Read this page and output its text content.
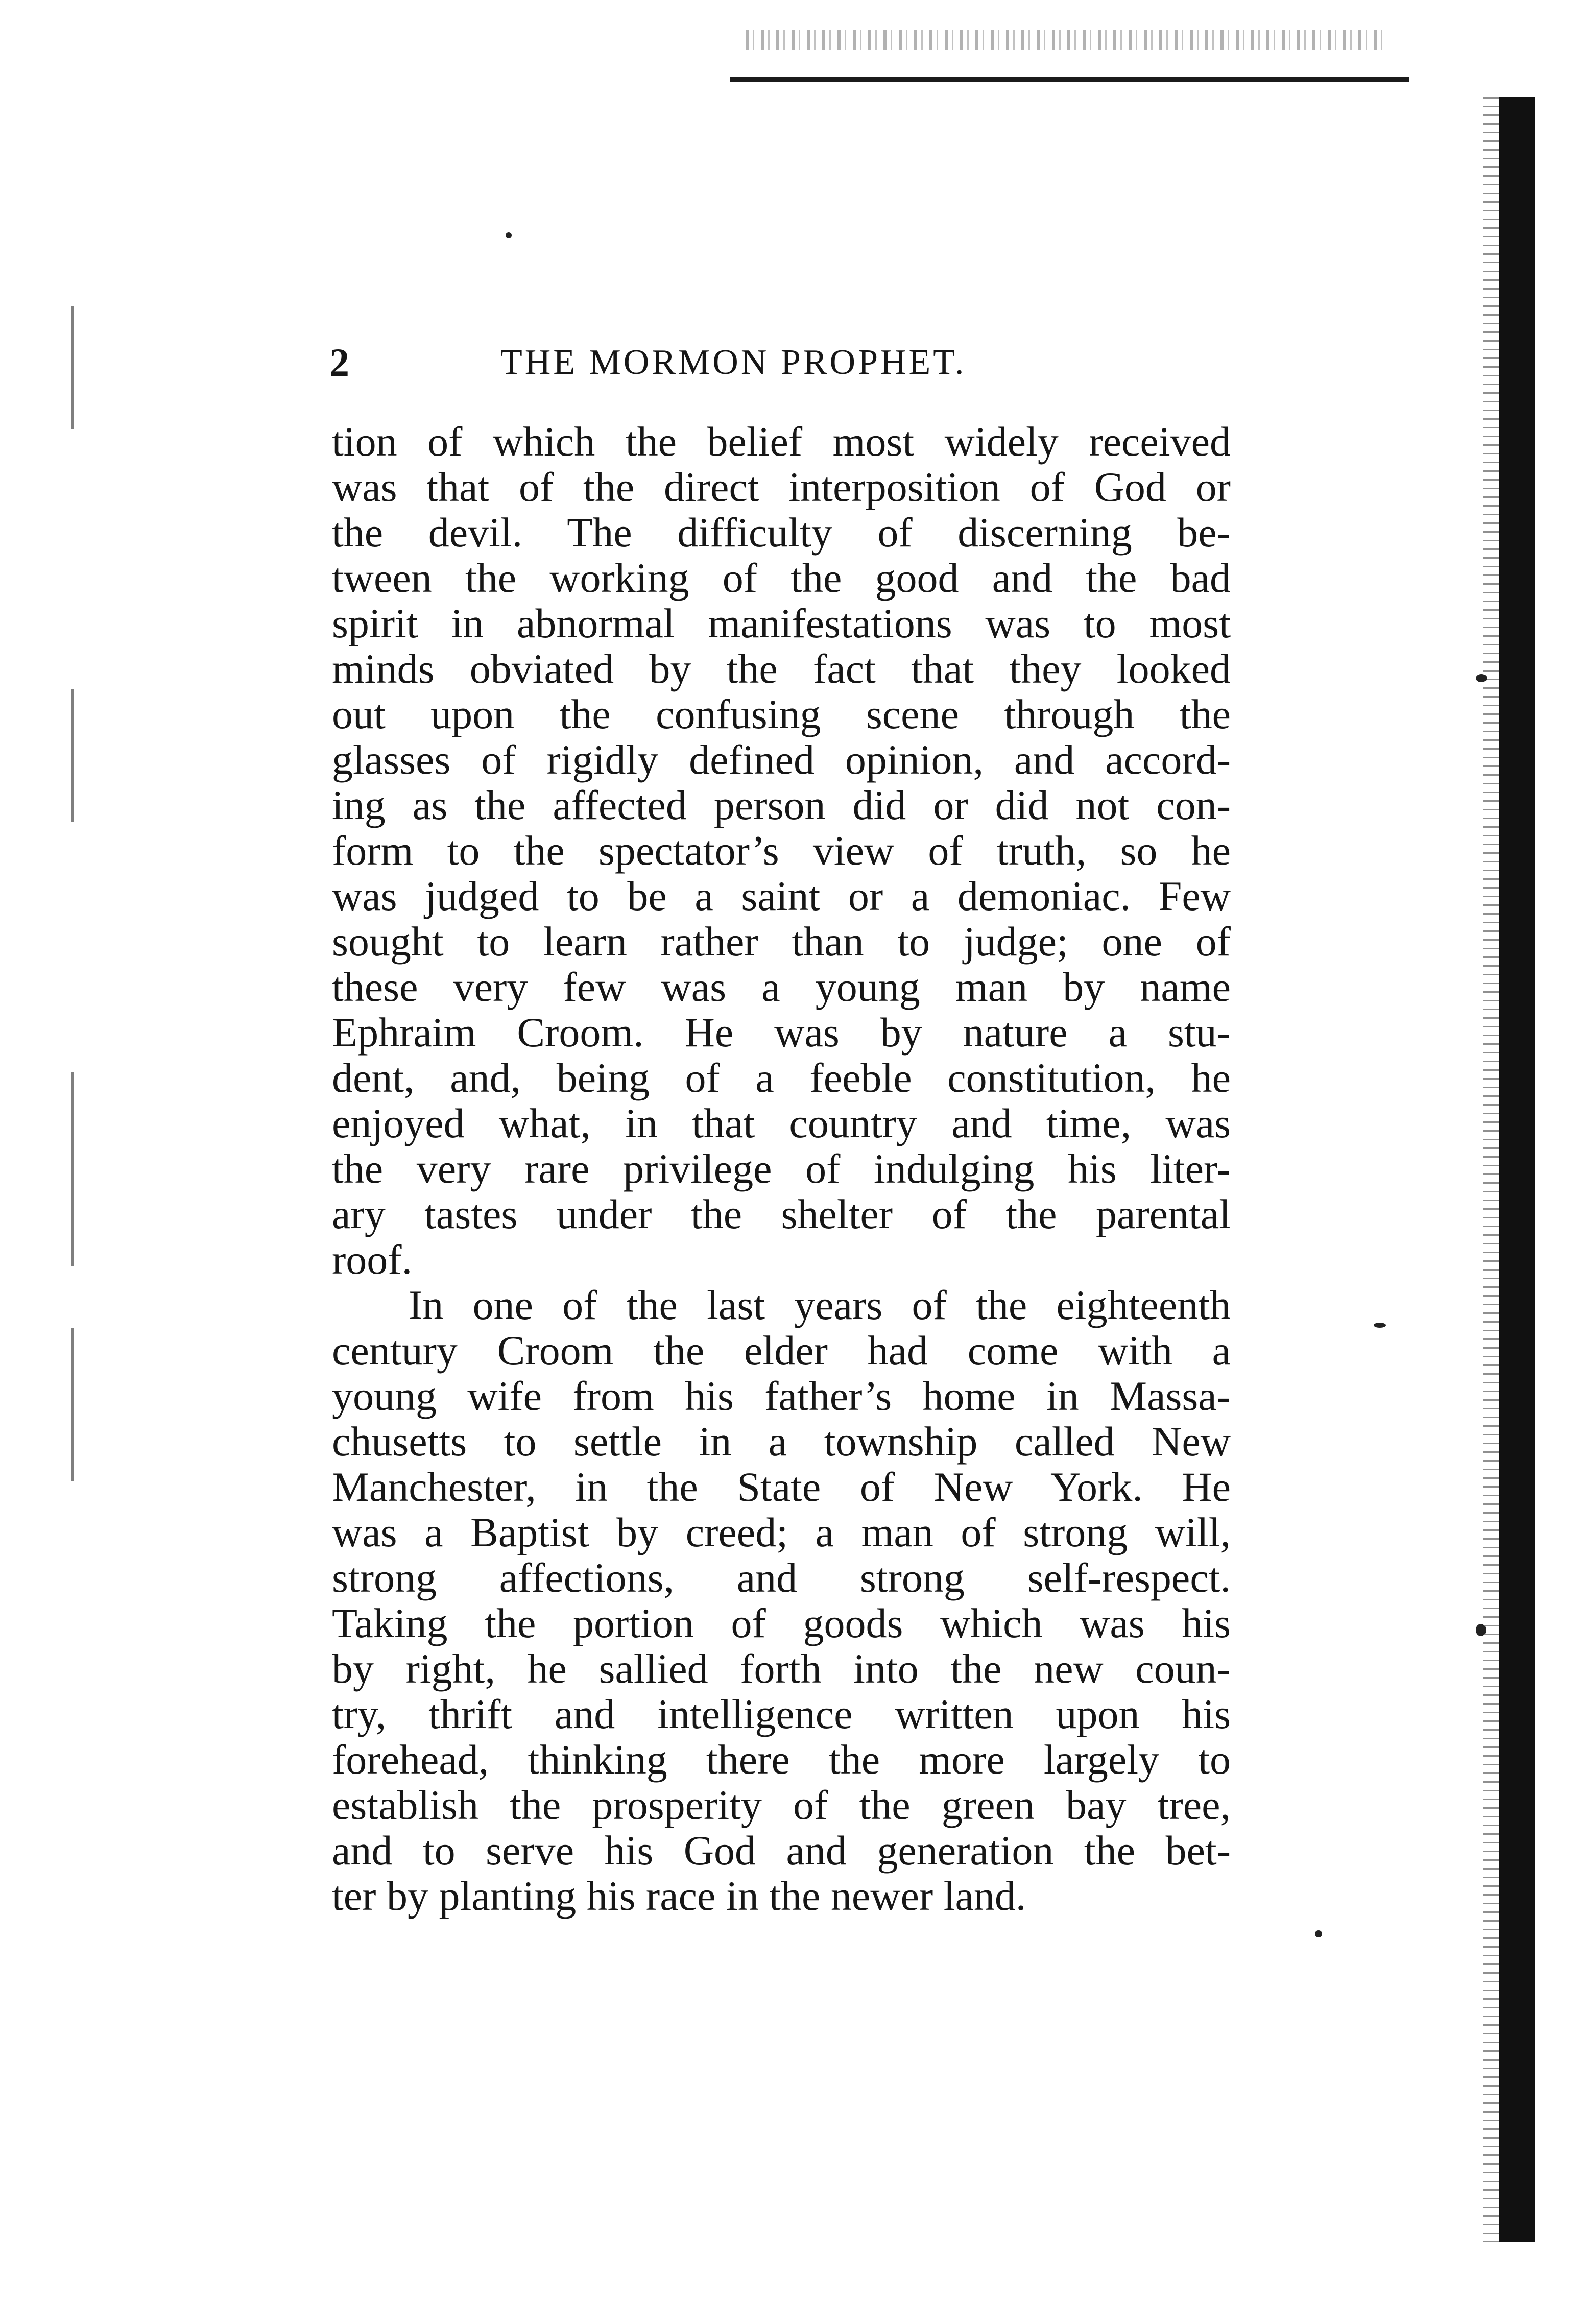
2	THE MORMON PROPHET.
tion of which the belief most widely received
was that of the direct interposition of God or
the devil. The difficulty of discerning be-
tween the working of the good and the bad
spirit in abnormal manifestations was to most
minds obviated by the fact that they looked
out upon the confusing scene through the
glasses of rigidly defined opinion, and accord-
ing as the affected person did or did not con-
form to the spectator’s view of truth, so he
was judged to be a saint or a demoniac. Few
sought to learn rather than to judge; one of
these very few was a young man by name
Ephraim Croom. He was by nature a stu-
dent, and, being of a feeble constitution, he
enjoyed what, in that country and time, was
the very rare privilege of indulging his liter-
ary tastes under the shelter of the parental
roof.
In one of the last years of the eighteenth
century Croom the elder had come with a
young wife from his father’s home in Massa-
chusetts to settle in a township called New
Manchester, in the State of New York. He
was a Baptist by creed; a man of strong will,
strong affections, and strong self-respect.
Taking the portion of goods which was his
by right, he sallied forth into the new coun-
try, thrift and intelligence written upon his
forehead, thinking there the more largely to
establish the prosperity of the green bay tree,
and to serve his God and generation the bet-
ter by planting his race in the newer land.
